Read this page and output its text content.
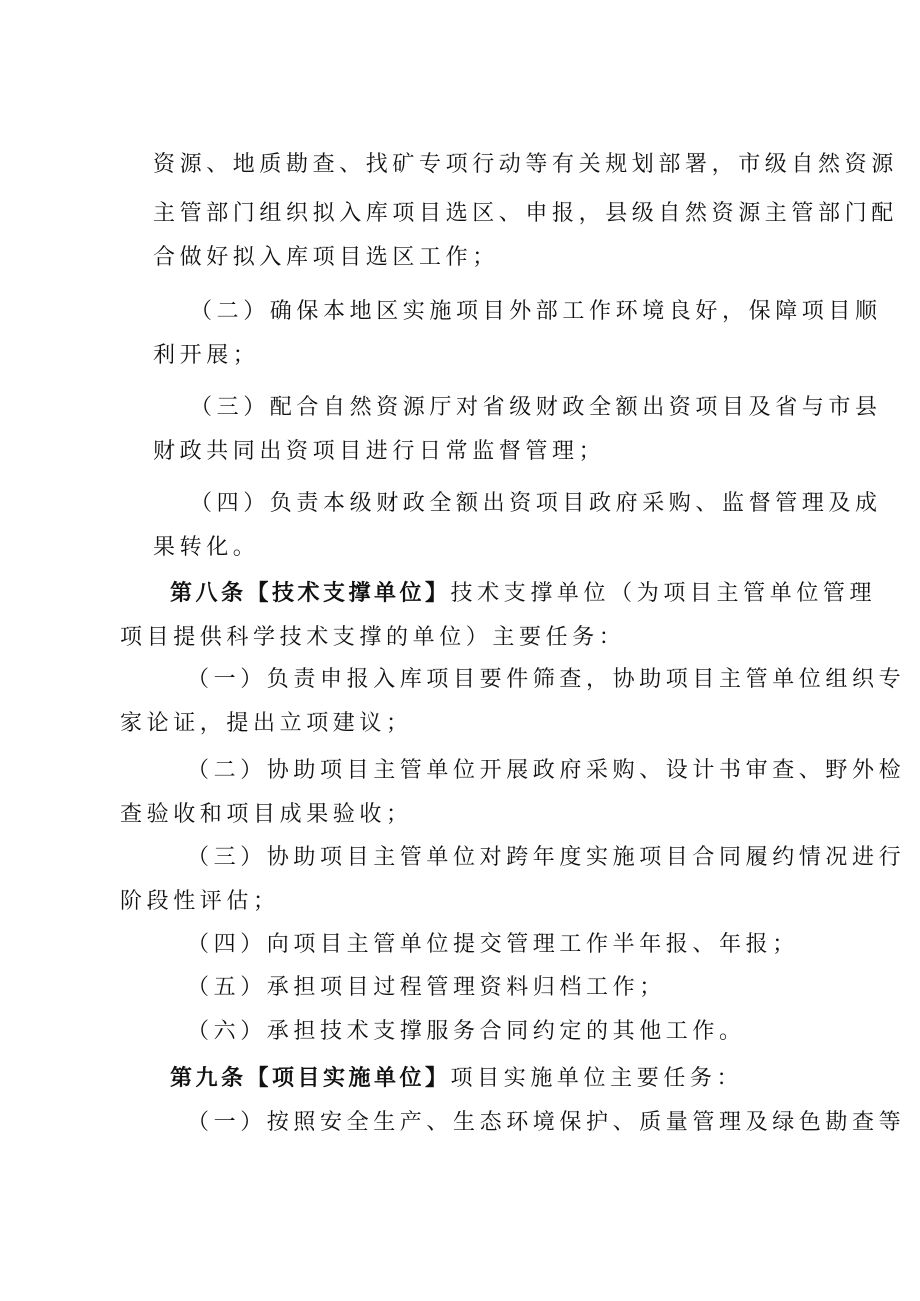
资源、地质勘查、找矿专项行动等有关规划部署，市级自然资源
主管部门组织拟入库项目选区、申报，县级自然资源主管部门配
合做好拟入库项目选区工作；
（二）确保本地区实施项目外部工作环境良好，保障项目顺
利开展；
（三）配合自然资源厅对省级财政全额出资项目及省与市县
财政共同出资项目进行日常监督管理；
（四）负责本级财政全额出资项目政府采购、监督管理及成
果转化。
第八条【技术支撑单位】技术支撑单位（为项目主管单位管理
项目提供科学技术支撑的单位）主要任务：
（一）负责申报入库项目要件筛查，协助项目主管单位组织专
家论证，提出立项建议；
（二）协助项目主管单位开展政府采购、设计书审查、野外检
查验收和项目成果验收；
（三）协助项目主管单位对跨年度实施项目合同履约情况进行
阶段性评估；
（四）向项目主管单位提交管理工作半年报、年报；
（五）承担项目过程管理资料归档工作；
（六）承担技术支撑服务合同约定的其他工作。
第九条【项目实施单位】项目实施单位主要任务：
（一）按照安全生产、生态环境保护、质量管理及绿色勘查等
